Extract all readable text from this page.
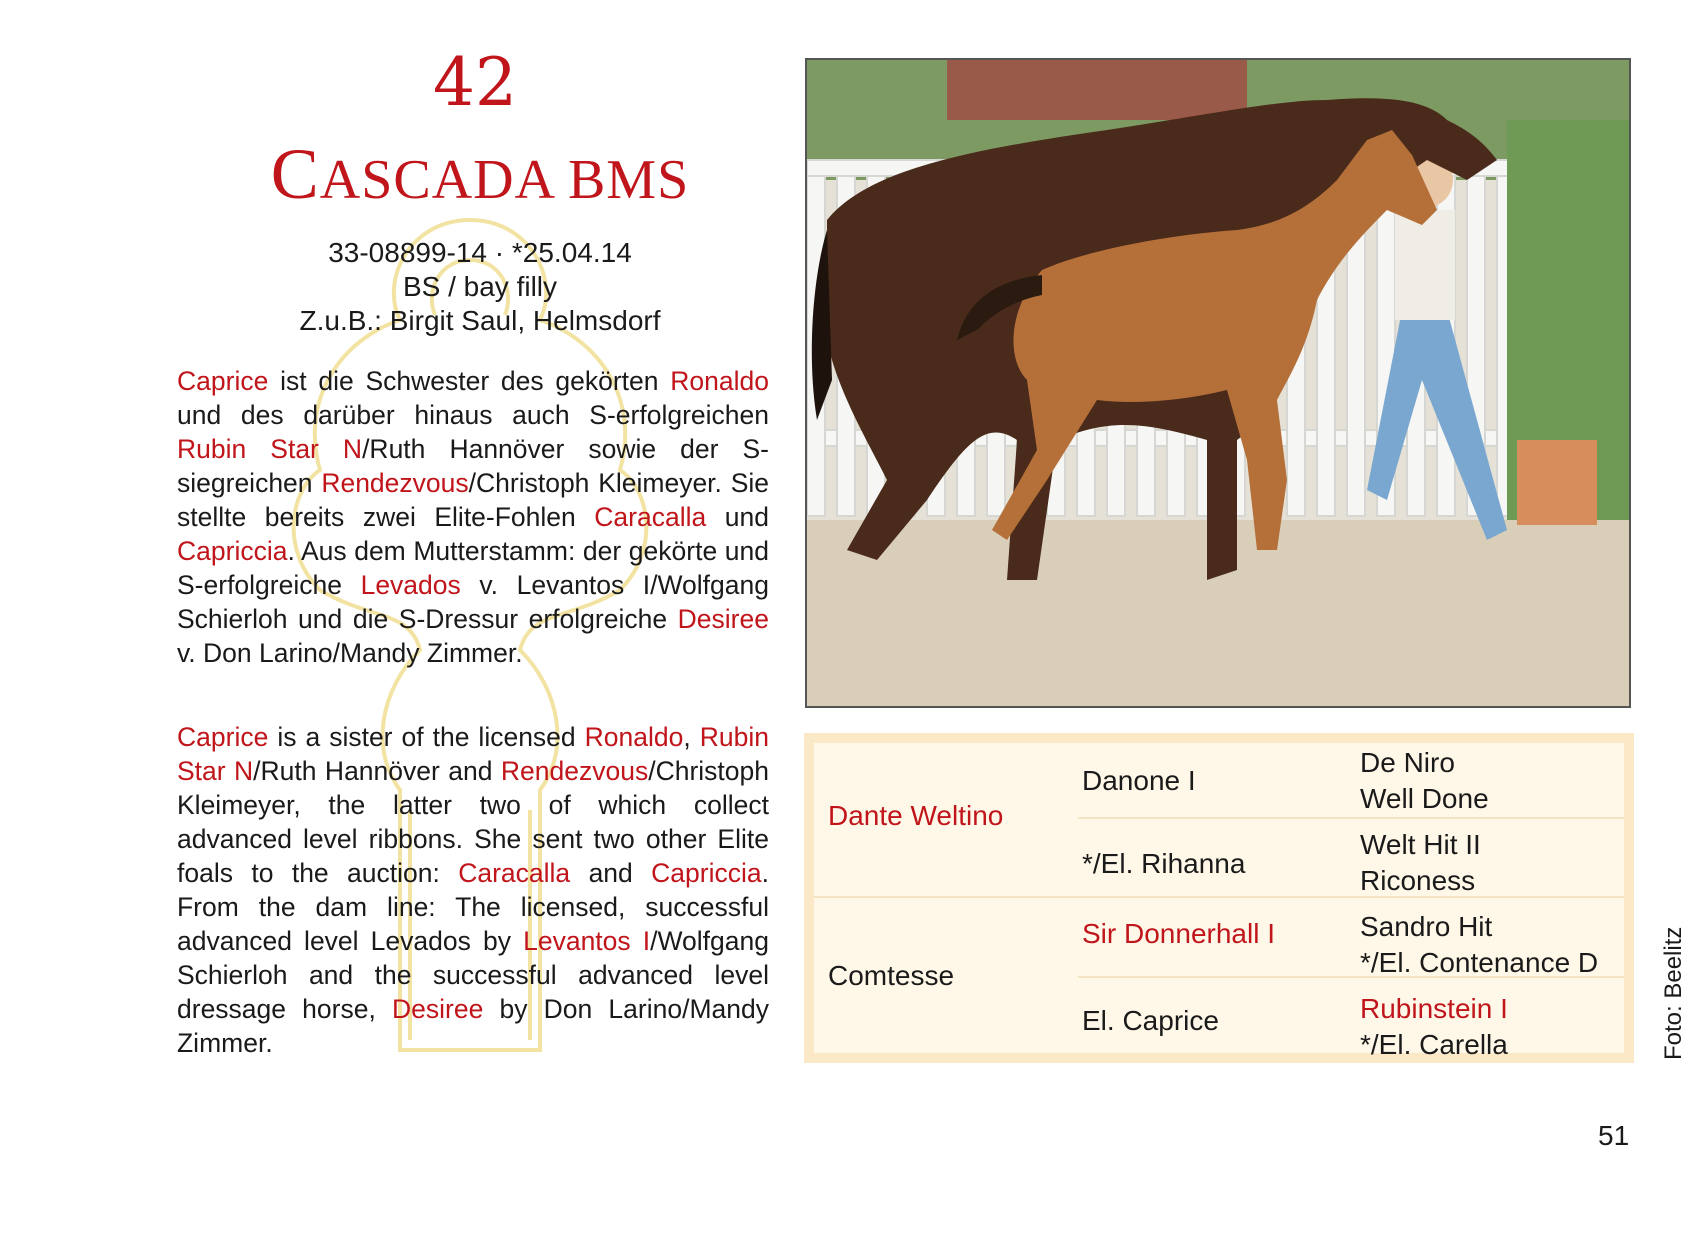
42
CASCADA BMS
33-08899-14 · *25.04.14
BS / bay filly
Z.u.B.: Birgit Saul, Helmsdorf

Caprice ist die Schwester des gekörten Ronaldo und des darüber hinaus auch S-erfolgreichen Rubin Star N/Ruth Hannöver sowie der S-siegreichen Rendezvous/Christoph Kleimeyer. Sie stellte bereits zwei Elite-Fohlen Caracalla und Capriccia. Aus dem Mutterstamm: der gekörte und S-erfolgreiche Levados v. Levantos I/Wolfgang Schierloh und die S-Dressur erfolgreiche Desiree v. Don Larino/Mandy Zimmer.

Caprice is a sister of the licensed Ronaldo, Rubin Star N/Ruth Hannöver and Rendezvous/Christoph Kleimeyer, the latter two of which collect advanced level ribbons. She sent two other Elite foals to the auction: Caracalla and Capriccia. From the dam line: The licensed, successful advanced level Levados by Levantos I/Wolfgang Schierloh and the successful advanced level dressage horse, Desiree by Don Larino/Mandy Zimmer.

Dante Weltino
Comtesse
Danone I
*/El. Rihanna
Sir Donnerhall I
El. Caprice
De Niro
Well Done
Welt Hit II
Riconess
Sandro Hit
*/El. Contenance D
Rubinstein I
*/El. Carella	Foto: Beelitz
51
